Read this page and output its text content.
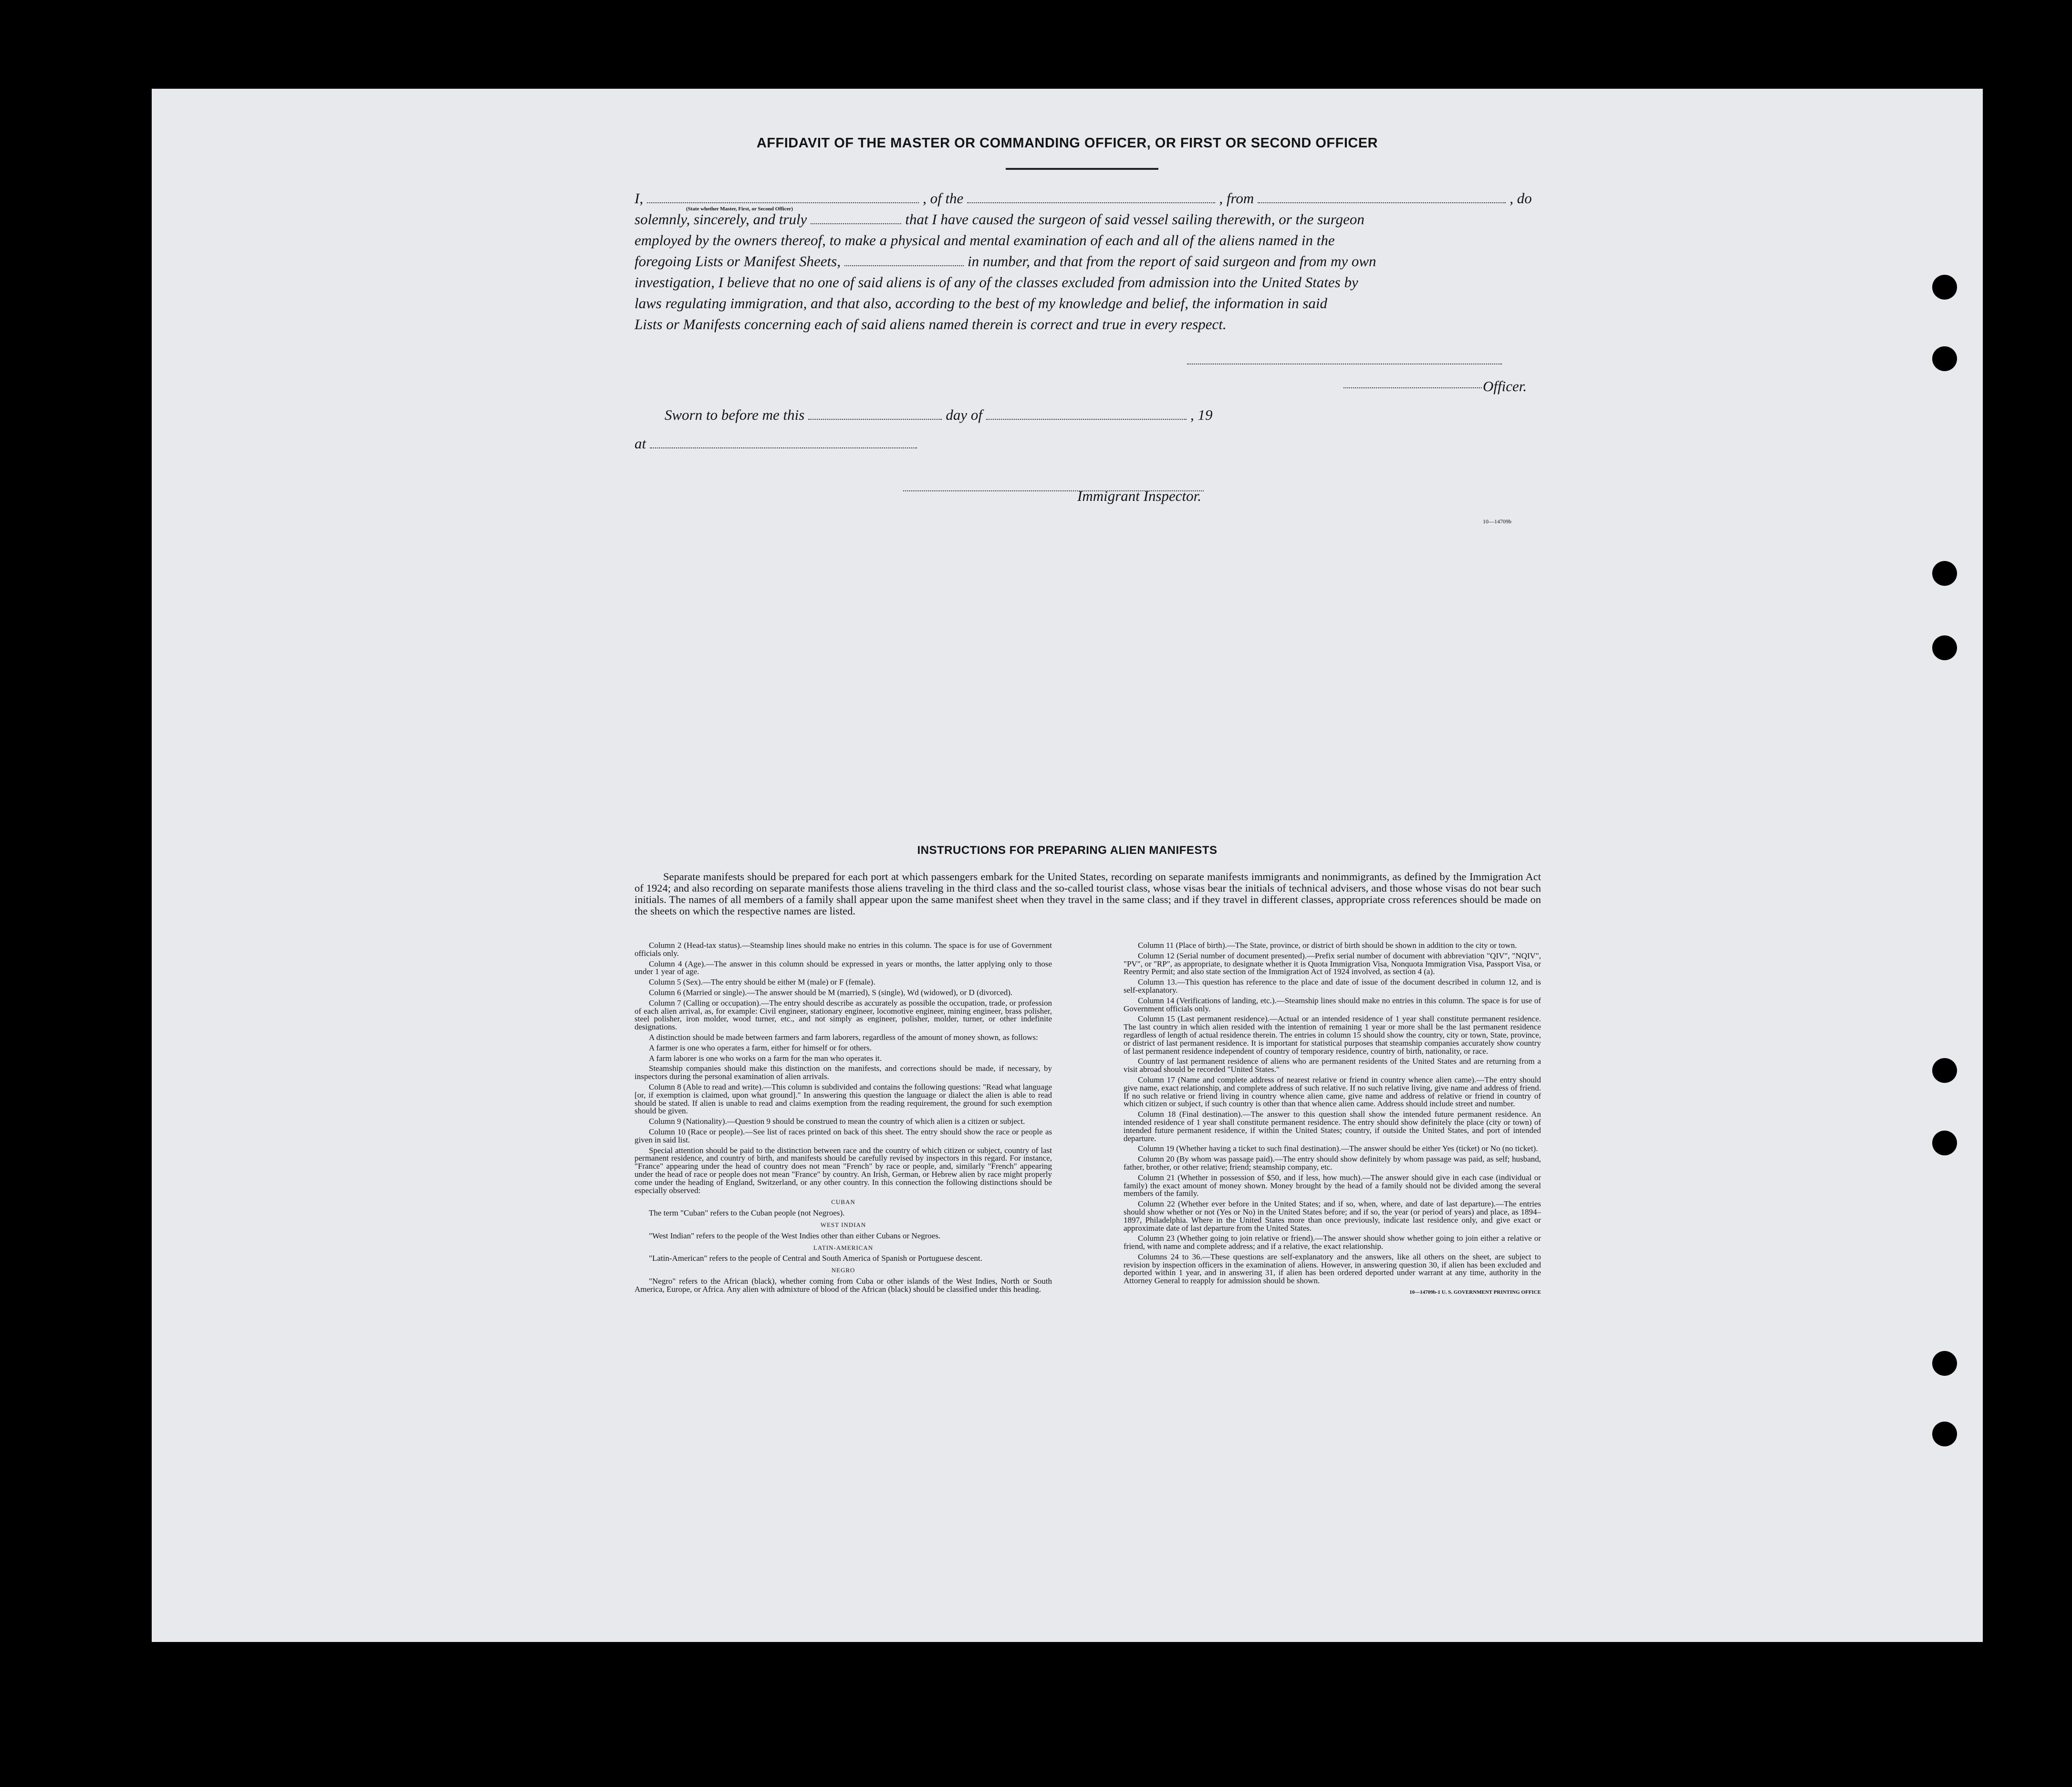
AFFIDAVIT OF THE MASTER OR COMMANDING OFFICER, OR FIRST OR SECOND OFFICER
I,	, of the	, from	, do
(State whether Master, First, or Second Officer)
solemnly, sincerely, and truly	that I have caused the surgeon of said vessel sailing therewith, or the surgeon
employed by the owners thereof, to make a physical and mental examination of each and all of the aliens named in the
foregoing Lists or Manifest Sheets,	in number, and that from the report of said surgeon and from my own
investigation, I believe that no one of said aliens is of any of the classes excluded from admission into the United States by
laws regulating immigration, and that also, according to the best of my knowledge and belief, the information in said
Lists or Manifests concerning each of said aliens named therein is correct and true in every respect.
Officer.
Sworn to before me this	day of	, 19
at
Immigrant Inspector.
10—14709b
INSTRUCTIONS FOR PREPARING ALIEN MANIFESTS
Separate manifests should be prepared for each port at which passengers embark for the United States, recording on separate manifests immigrants and nonimmigrants, as defined by the Immigration Act of 1924; and also recording on separate manifests those aliens traveling in the third class and the so-called tourist class, whose visas bear the initials of technical advisers, and those whose visas do not bear such initials. The names of all members of a family shall appear upon the same manifest sheet when they travel in the same class; and if they travel in different classes, appropriate cross references should be made on the sheets on which the respective names are listed.

Column 2 (Head-tax status).—Steamship lines should make no entries in this column. The space is for use of Government officials only.

Column 4 (Age).—The answer in this column should be expressed in years or months, the latter applying only to those under 1 year of age.

Column 5 (Sex).—The entry should be either M (male) or F (female).

Column 6 (Married or single).—The answer should be M (married), S (single), Wd (widowed), or D (divorced).

Column 7 (Calling or occupation).—The entry should describe as accurately as possible the occupation, trade, or profession of each alien arrival, as, for example: Civil engineer, stationary engineer, locomotive engineer, mining engineer, brass polisher, steel polisher, iron molder, wood turner, etc., and not simply as engineer, polisher, molder, turner, or other indefinite designations.

A distinction should be made between farmers and farm laborers, regardless of the amount of money shown, as follows:

A farmer is one who operates a farm, either for himself or for others.

A farm laborer is one who works on a farm for the man who operates it.

Steamship companies should make this distinction on the manifests, and corrections should be made, if necessary, by inspectors during the personal examination of alien arrivals.

Column 8 (Able to read and write).—This column is subdivided and contains the following questions: "Read what language [or, if exemption is claimed, upon what ground]." In answering this question the language or dialect the alien is able to read should be stated. If alien is unable to read and claims exemption from the reading requirement, the ground for such exemption should be given.

Column 9 (Nationality).—Question 9 should be construed to mean the country of which alien is a citizen or subject.

Column 10 (Race or people).—See list of races printed on back of this sheet. The entry should show the race or people as given in said list.

Special attention should be paid to the distinction between race and the country of which citizen or subject, country of last permanent residence, and country of birth, and manifests should be carefully revised by inspectors in this regard. For instance, "France" appearing under the head of country does not mean "French" by race or people, and, similarly "French" appearing under the head of race or people does not mean "France" by country. An Irish, German, or Hebrew alien by race might properly come under the heading of England, Switzerland, or any other country. In this connection the following distinctions should be especially observed:

CUBAN

The term "Cuban" refers to the Cuban people (not Negroes).

WEST INDIAN

"West Indian" refers to the people of the West Indies other than either Cubans or Negroes.

LATIN-AMERICAN

"Latin-American" refers to the people of Central and South America of Spanish or Portuguese descent.

NEGRO

"Negro" refers to the African (black), whether coming from Cuba or other islands of the West Indies, North or South America, Europe, or Africa. Any alien with admixture of blood of the African (black) should be classified under this heading.

Column 11 (Place of birth).—The State, province, or district of birth should be shown in addition to the city or town.

Column 12 (Serial number of document presented).—Prefix serial number of document with abbreviation "QIV", "NQIV", "PV", or "RP", as appropriate, to designate whether it is Quota Immigration Visa, Nonquota Immigration Visa, Passport Visa, or Reentry Permit; and also state section of the Immigration Act of 1924 involved, as section 4 (a).

Column 13.—This question has reference to the place and date of issue of the document described in column 12, and is self-explanatory.

Column 14 (Verifications of landing, etc.).—Steamship lines should make no entries in this column. The space is for use of Government officials only.

Column 15 (Last permanent residence).—Actual or an intended residence of 1 year shall constitute permanent residence. The last country in which alien resided with the intention of remaining 1 year or more shall be the last permanent residence regardless of length of actual residence therein. The entries in column 15 should show the country, city or town, State, province, or district of last permanent residence. It is important for statistical purposes that steamship companies accurately show country of last permanent residence independent of country of temporary residence, country of birth, nationality, or race.

Country of last permanent residence of aliens who are permanent residents of the United States and are returning from a visit abroad should be recorded "United States."

Column 17 (Name and complete address of nearest relative or friend in country whence alien came).—The entry should give name, exact relationship, and complete address of such relative. If no such relative living, give name and address of friend. If no such relative or friend living in country whence alien came, give name and address of relative or friend in country of which citizen or subject, if such country is other than that whence alien came. Address should include street and number.

Column 18 (Final destination).—The answer to this question shall show the intended future permanent residence. An intended residence of 1 year shall constitute permanent residence. The entry should show definitely the place (city or town) of intended future permanent residence, if within the United States; country, if outside the United States, and port of intended departure.

Column 19 (Whether having a ticket to such final destination).—The answer should be either Yes (ticket) or No (no ticket).

Column 20 (By whom was passage paid).—The entry should show definitely by whom passage was paid, as self; husband, father, brother, or other relative; friend; steamship company, etc.

Column 21 (Whether in possession of $50, and if less, how much).—The answer should give in each case (individual or family) the exact amount of money shown. Money brought by the head of a family should not be divided among the several members of the family.

Column 22 (Whether ever before in the United States; and if so, when, where, and date of last departure).—The entries should show whether or not (Yes or No) in the United States before; and if so, the year (or period of years) and place, as 1894–1897, Philadelphia. Where in the United States more than once previously, indicate last residence only, and give exact or approximate date of last departure from the United States.

Column 23 (Whether going to join relative or friend).—The answer should show whether going to join either a relative or friend, with name and complete address; and if a relative, the exact relationship.

Columns 24 to 36.—These questions are self-explanatory and the answers, like all others on the sheet, are subject to revision by inspection officers in the examination of aliens. However, in answering question 30, if alien has been excluded and deported within 1 year, and in answering 31, if alien has been ordered deported under warrant at any time, authority in the Attorney General to reapply for admission should be shown.

10—14709b-1 U. S. GOVERNMENT PRINTING OFFICE
